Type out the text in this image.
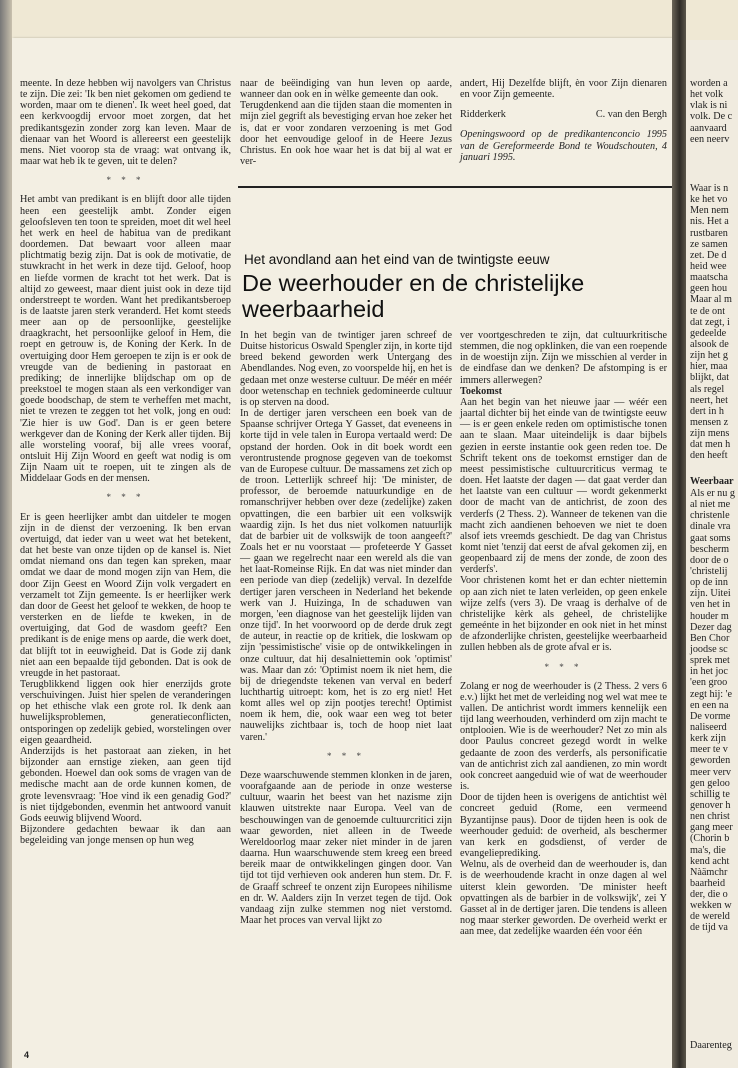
meente. In deze hebben wij navolgers van Christus te zijn. Die zei: 'Ik ben niet gekomen om gediend te worden, maar om te dienen'. Ik weet heel goed, dat een kerkvoogdij ervoor moet zorgen, dat het predikantsgezin zonder zorg kan leven. Maar de dienaar van het Woord is allereerst een geestelijk mens. Niet voorop sta de vraag: wat ontvang ik, maar wat heb ik te geven, uit te delen?

* * *

Het ambt van predikant is en blijft door alle tijden heen een geestelijk ambt. Zonder eigen geloofsleven ten toon te spreiden, moet dit wel heel het werk en heel de habitua van de predikant doordemen. Dat bewaart voor alleen maar plichtmatig bezig zijn. Dat is ook de motivatie, de stuwkracht in het werk in deze tijd. Geloof, hoop en liefde vormen de kracht tot het werk. Dat is altijd zo geweest, maar dient juist ook in deze tijd onderstreept te worden. Want het predikantsberoep is de laatste jaren sterk veranderd. Het komt steeds meer aan op de persoonlijke, geestelijke draagkracht, het persoonlijke geloof in Hem, die roept en getrouw is, de Koning der Kerk. In de overtuiging door Hem geroepen te zijn is er ook de vreugde van de bediening in pastoraat en prediking; de innerlijke blijdschap om op de preekstoel te mogen staan als een verkondiger van goede boodschap, de stem te verheffen met macht, niet te vrezen te zeggen tot het volk, jong en oud: 'Zie hier is uw God'. Dan is er geen betere werkgever dan de Koning der Kerk aller tijden. Bij alle worsteling vooraf, bij alle vrees vooraf, ontsluit Hij Zijn Woord en geeft wat nodig is om Zijn Naam uit te roepen, uit te zingen als de Middelaar Gods en der mensen.

* * *

Er is geen heerlijker ambt dan uitdeler te mogen zijn in de dienst der verzoening. Ik ben ervan overtuigd, dat ieder van u weet wat het betekent, dat het beste van onze tijden op de kansel is. Niet omdat niemand ons dan tegen kan spreken, maar omdat we daar de mond mogen zijn van Hem, die door Zijn Geest en Woord Zijn volk vergadert en verzamelt tot Zijn gemeente. Is er heerlijker werk dan door de Geest het geloof te wekken, de hoop te versterken en de liefde te kweken, in de overtuiging, dat God de wasdom geeft? Een predikant is de enige mens op aarde, die werk doet, dat blijft tot in eeuwigheid. Dat is Gode zij dank niet aan een bepaalde tijd gebonden. Dat is ook de vreugde in het pastoraat.

Terugblikkend liggen ook hier enerzijds grote verschuivingen. Juist hier spelen de veranderingen op het ethische vlak een grote rol. Ik denk aan huwelijksproblemen, generatieconflicten, ontsporingen op zedelijk gebied, worstelingen over eigen geaardheid.

Anderzijds is het pastoraat aan zieken, in het bijzonder aan ernstige zieken, aan geen tijd gebonden. Hoewel dan ook soms de vragen van de medische macht aan de orde kunnen komen, de grote levensvraag: 'Hoe vind ik een genadig God?' is niet tijdgebonden, evenmin het antwoord vanuit Gods eeuwig blijvend Woord.

Bijzondere gedachten bewaar ik dan aan begeleiding van jonge mensen op hun weg

naar de beëindiging van hun leven op aarde, wanneer dan ook en in wèlke gemeente dan ook.

Terugdenkend aan die tijden staan die momenten in mijn ziel gegrift als bevestiging ervan hoe zeker het is, dat er voor zondaren verzoening is met God door het eenvoudige geloof in de Heere Jezus Christus. En ook hoe waar het is dat bij al wat er ver-

andert, Hij Dezelfde blijft, èn voor Zijn dienaren en voor Zijn gemeente.

Ridderkerk	C. van den Bergh

Openingswoord op de predikantenconcio 1995 van de Gereformeerde Bond te Woudschouten, 4 januari 1995.

Het avondland aan het eind van de twintigste eeuw
De weerhouder en de christelijke weerbaarheid

In het begin van de twintiger jaren schreef de Duitse historicus Oswald Spengler zijn, in korte tijd breed bekend geworden werk Untergang des Abendlandes. Nog even, zo voorspelde hij, en het is gedaan met onze westerse cultuur. De méér en méér door wetenschap en techniek gedomineerde cultuur is op sterven na dood.

In de dertiger jaren verscheen een boek van de Spaanse schrijver Ortega Y Gasset, dat eveneens in korte tijd in vele talen in Europa vertaald werd: De opstand der horden. Ook in dit boek wordt een verontrustende prognose gegeven van de toekomst van de Europese cultuur. De massamens zet zich op de troon. Letterlijk schreef hij: 'De minister, de professor, de beroemde natuurkundige en de romanschrijver hebben over deze (zedelijke) zaken opvattingen, die een barbier uit een volkswijk waardig zijn. Is het dus niet volkomen natuurlijk dat de barbier uit de volkswijk de toon aangeeft?' Zoals het er nu voorstaat — profeteerde Y Gasset — gaan we regelrecht naar een wereld als die van het laat-Romeinse Rijk. En dat was niet minder dan een periode van diep (zedelijk) verval. In dezelfde dertiger jaren verscheen in Nederland het bekende werk van J. Huizinga, In de schaduwen van morgen, 'een diagnose van het geestelijk lijden van onze tijd'. In het voorwoord op de derde druk zegt de auteur, in reactie op de kritiek, die loskwam op zijn 'pessimistische' visie op de ontwikkelingen in onze cultuur, dat hij desalniettemin ook 'optimist' was. Maar dan zó: 'Optimist noem ik niet hem, die bij de driegendste tekenen van verval en bederf luchthartig uitroept: kom, het is zo erg niet! Het komt alles wel op zijn pootjes terecht! Optimist noem ik hem, die, ook waar een weg tot beter nauwelijks zichtbaar is, toch de hoop niet laat varen.'

* * *

Deze waarschuwende stemmen klonken in de jaren, voorafgaande aan de periode in onze westerse cultuur, waarin het beest van het nazisme zijn klauwen uitstrekte naar Europa. Veel van de beschouwingen van de genoemde cultuurcritici zijn waar geworden, niet alleen in de Tweede Wereldoorlog maar zeker niet minder in de jaren daarna. Hun waarschuwende stem kreeg een breed bereik maar de ontwikkelingen gingen door. Van tijd tot tijd verhieven ook anderen hun stem. Dr. F. de Graaff schreef te onzent zijn Europees nihilisme en dr. W. Aalders zijn In verzet tegen de tijd. Ook vandaag zijn zulke stemmen nog niet verstomd. Maar het proces van verval lijkt zo

ver voortgeschreden te zijn, dat cultuurkritische stemmen, die nog opklinken, die van een roepende in de woestijn zijn. Zijn we misschien al verder in de eindfase dan we denken? De afstomping is er immers allerwegen?

Toekomst

Aan het begin van het nieuwe jaar — wéér een jaartal dichter bij het einde van de twintigste eeuw — is er geen enkele reden om optimistische tonen aan te slaan. Maar uiteindelijk is daar bijbels gezien in eerste instantie ook geen reden toe. De Schrift tekent ons de toekomst ernstiger dan de meest pessimistische cultuurcriticus vermag te doen. Het laatste der dagen — dat gaat verder dan het laatste van een cultuur — wordt gekenmerkt door de macht van de antichrist, de zoon des verderfs (2 Thess. 2). Wanneer de tekenen van die macht zich aandienen behoeven we niet te doen alsof iets vreemds geschiedt. De dag van Christus komt niet 'tenzij dat eerst de afval gekomen zij, en geopenbaard zij de mens der zonde, de zoon des verderfs'.

Voor christenen komt het er dan echter niettemin op aan zich niet te laten verleiden, op geen enkele wijze zelfs (vers 3). De vraag is derhalve of de christelijke kèrk als geheel, de christelijke gemeénte in het bijzonder en ook niet in het minst de afzonderlijke christen, geestelijke weerbaarheid zullen hebben als de grote afval er is.

* * *

Zolang er nog de weerhouder is (2 Thess. 2 vers 6 e.v.) lijkt het met de verleiding nog wel wat mee te vallen. De antichrist wordt immers kennelijk een tijd lang weerhouden, verhinderd om zijn macht te ontplooien. Wie is de weerhouder? Net zo min als door Paulus concreet gezegd wordt in welke gedaante de zoon des verderfs, als personificatie van de antichrist zich zal aandienen, zo min wordt ook concreet aangeduid wie of wat de weerhouder is.

Door de tijden heen is overigens de antichtist wèl concreet geduid (Rome, een vermeend Byzantijnse paus). Door de tijden heen is ook de weerhouder geduid: de overheid, als beschermer van kerk en godsdienst, of verder de evangelieprediking.

Welnu, als de overheid dan de weerhouder is, dan is de weerhoudende kracht in onze dagen al wel uiterst klein geworden. 'De minister heeft opvattingen als de barbier in de volkswijk', zei Y Gasset al in de dertiger jaren. Die tendens is alleen nog maar sterker geworden. De overheid werkt er aan mee, dat zedelijke waarden één voor één

4
worden a
het volk
vlak is ni
volk. De c
aanvaard
een neerv
Waar is n
ke het vo
Men nem
nis. Het a
rustbaren
ze samen
zet. De d
heid wee
maatscha
geen hou
Maar al m
te de ont
dat zegt, i
gedeelde
alsook de
zijn het g
hier, maa
blijkt, dat
als regel
neert, het
dert in h
mensen z
zijn mens
dat men h
den heeft
Weerbaar
Als er nu g
al niet me
christenle
dinale vra
gaat soms
bescherm
door de o
'christelij
op de inn
zijn. Uitei
ven het in
houder m
Dezer dag
Ben Chor
joodse sc
sprek met
in het joc
'een groo
zegt hij: 'e
en een na
De vorme
naliseerd
kerk zijn
meer te v
geworden
meer verv
gen geloo
schillig te
genover h
nen christ
gang meer
(Chorin b
ma's, die
kend acht
Nàämchr
baarheid
der, die o
wekken w
de wereld
de tijd va
Daarenteg
